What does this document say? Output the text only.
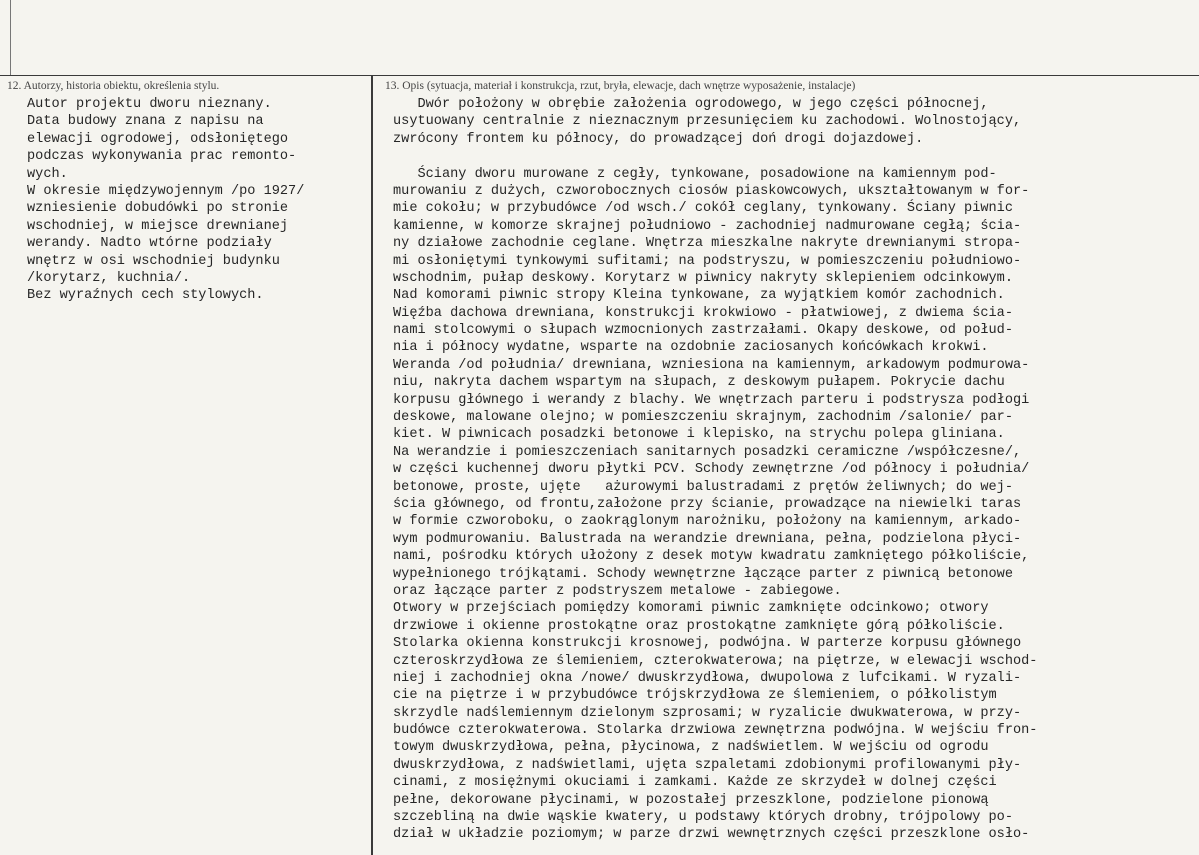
12. Autorzy, historia obiektu, określenia stylu.	13. Opis (sytuacja, materiał i konstrukcja, rzut, bryła, elewacje, dach wnętrze wyposażenie, instalacje)
Autor projektu dworu nieznany.
Data budowy znana z napisu na
elewacji ogrodowej, odsłoniętego
podczas wykonywania prac remonto-
wych.
W okresie międzywojennym /po 1927/
wzniesienie dobudówki po stronie
wschodniej, w miejsce drewnianej
werandy. Nadto wtórne podziały
wnętrz w osi wschodniej budynku
/korytarz, kuchnia/.
Bez wyraźnych cech stylowych.
Dwór położony w obrębie założenia ogrodowego, w jego części północnej,
usytuowany centralnie z nieznacznym przesunięciem ku zachodowi. Wolnostojący,
zwrócony frontem ku północy, do prowadzącej doń drogi dojazdowej.
Ściany dworu murowane z cegły, tynkowane, posadowione na kamiennym pod-
murowaniu z dużych, czworobocznych ciosów piaskowcowych, ukształtowanym w for-
mie cokołu; w przybudówce /od wsch./ cokół ceglany, tynkowany. Ściany piwnic
kamienne, w komorze skrajnej południowo - zachodniej nadmurowane cegłą; ścia-
ny działowe zachodnie ceglane. Wnętrza mieszkalne nakryte drewnianymi stropa-
mi osłoniętymi tynkowymi sufitami; na podstryszu, w pomieszczeniu południowo-
wschodnim, pułap deskowy. Korytarz w piwnicy nakryty sklepieniem odcinkowym.
Nad komorami piwnic stropy Kleina tynkowane, za wyjątkiem komór zachodnich.
Więźba dachowa drewniana, konstrukcji krokwiowo - płatwiowej, z dwiema ścia-
nami stolcowymi o słupach wzmocnionych zastrzałami. Okapy deskowe, od połud-
nia i północy wydatne, wsparte na ozdobnie zaciosanych końcówkach krokwi.
Weranda /od południa/ drewniana, wzniesiona na kamiennym, arkadowym podmurowa-
niu, nakryta dachem wspartym na słupach, z deskowym pułapem. Pokrycie dachu
korpusu głównego i werandy z blachy. We wnętrzach parteru i podstrysza podłogi
deskowe, malowane olejno; w pomieszczeniu skrajnym, zachodnim /salonie/ par-
kiet. W piwnicach posadzki betonowe i klepisko, na strychu polepa gliniana.
Na werandzie i pomieszczeniach sanitarnych posadzki ceramiczne /współczesne/,
w części kuchennej dworu płytki PCV. Schody zewnętrzne /od północy i południa/
betonowe, proste, ujęte   ażurowymi balustradami z prętów żeliwnych; do wej-
ścia głównego, od frontu,założone przy ścianie, prowadzące na niewielki taras
w formie czworoboku, o zaokrąglonym narożniku, położony na kamiennym, arkado-
wym podmurowaniu. Balustrada na werandzie drewniana, pełna, podzielona płyci-
nami, pośrodku których ułożony z desek motyw kwadratu zamkniętego półkoliście,
wypełnionego trójkątami. Schody wewnętrzne łączące parter z piwnicą betonowe
oraz łączące parter z podstryszem metalowe - zabiegowe.
Otwory w przejściach pomiędzy komorami piwnic zamknięte odcinkowo; otwory
drzwiowe i okienne prostokątne oraz prostokątne zamknięte górą półkoliście.
Stolarka okienna konstrukcji krosnowej, podwójna. W parterze korpusu głównego
czteroskrzydłowa ze ślemieniem, czterokwaterowa; na piętrze, w elewacji wschod-
niej i zachodniej okna /nowe/ dwuskrzydłowa, dwupolowa z lufcikami. W ryzali-
cie na piętrze i w przybudówce trójskrzydłowa ze ślemieniem, o półkolistym
skrzydle nadślemiennym dzielonym szprosami; w ryzalicie dwukwaterowa, w przy-
budówce czterokwaterowa. Stolarka drzwiowa zewnętrzna podwójna. W wejściu fron-
towym dwuskrzydłowa, pełna, płycinowa, z nadświetlem. W wejściu od ogrodu
dwuskrzydłowa, z nadświetlami, ujęta szpaletami zdobionymi profilowanymi pły-
cinami, z mosiężnymi okuciami i zamkami. Każde ze skrzydeł w dolnej części
pełne, dekorowane płycinami, w pozostałej przeszklone, podzielone pionową
szczebliną na dwie wąskie kwatery, u podstawy których drobny, trójpolowy po-
dział w układzie poziomym; w parze drzwi wewnętrznych części przeszklone osło-
